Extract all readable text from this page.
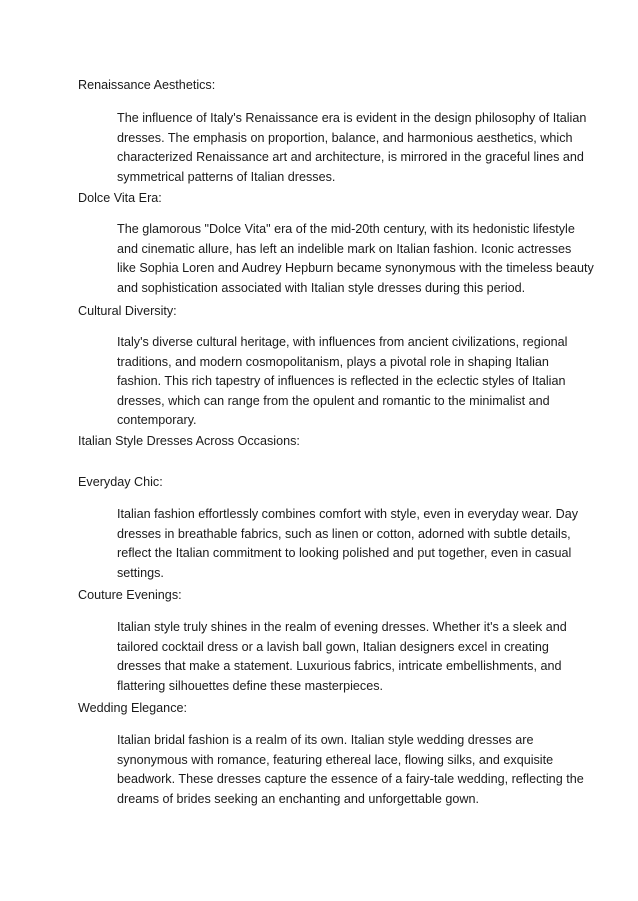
Renaissance Aesthetics:
The influence of Italy's Renaissance era is evident in the design philosophy of Italian
dresses. The emphasis on proportion, balance, and harmonious aesthetics, which
characterized Renaissance art and architecture, is mirrored in the graceful lines and
symmetrical patterns of Italian dresses.
Dolce Vita Era:
The glamorous "Dolce Vita" era of the mid-20th century, with its hedonistic lifestyle
and cinematic allure, has left an indelible mark on Italian fashion. Iconic actresses
like Sophia Loren and Audrey Hepburn became synonymous with the timeless beauty
and sophistication associated with Italian style dresses during this period.
Cultural Diversity:
Italy's diverse cultural heritage, with influences from ancient civilizations, regional
traditions, and modern cosmopolitanism, plays a pivotal role in shaping Italian
fashion. This rich tapestry of influences is reflected in the eclectic styles of Italian
dresses, which can range from the opulent and romantic to the minimalist and
contemporary.
Italian Style Dresses Across Occasions:
Everyday Chic:
Italian fashion effortlessly combines comfort with style, even in everyday wear. Day
dresses in breathable fabrics, such as linen or cotton, adorned with subtle details,
reflect the Italian commitment to looking polished and put together, even in casual
settings.
Couture Evenings:
Italian style truly shines in the realm of evening dresses. Whether it's a sleek and
tailored cocktail dress or a lavish ball gown, Italian designers excel in creating
dresses that make a statement. Luxurious fabrics, intricate embellishments, and
flattering silhouettes define these masterpieces.
Wedding Elegance:
Italian bridal fashion is a realm of its own. Italian style wedding dresses are
synonymous with romance, featuring ethereal lace, flowing silks, and exquisite
beadwork. These dresses capture the essence of a fairy-tale wedding, reflecting the
dreams of brides seeking an enchanting and unforgettable gown.
